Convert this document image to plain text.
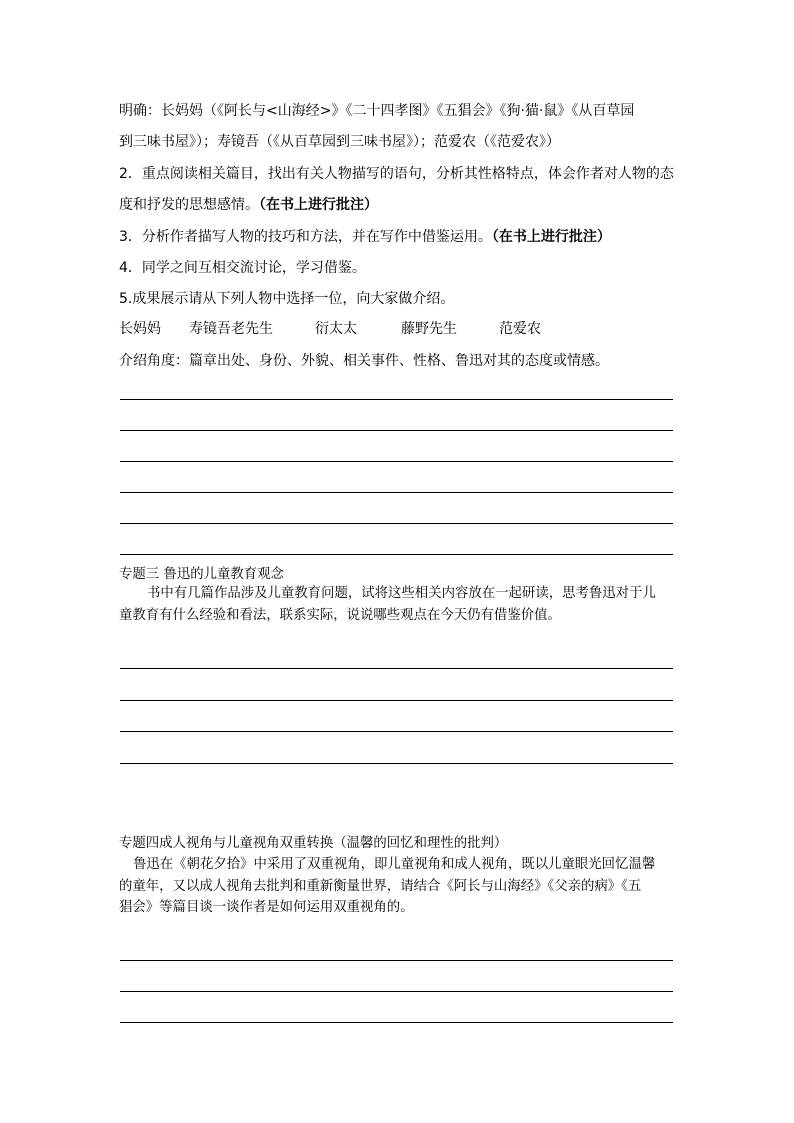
明确：长妈妈（《阿长与<山海经>》《二十四孝图》《五猖会》《狗·猫·鼠》《从百草园
到三味书屋》）；寿镜吾（《从百草园到三味书屋》）；范爱农（《范爱农》）
2．重点阅读相关篇目，找出有关人物描写的语句，分析其性格特点，体会作者对人物的态
度和抒发的思想感情。（在书上进行批注）
3．分析作者描写人物的技巧和方法，并在写作中借鉴运用。（在书上进行批注）
4．同学之间互相交流讨论，学习借鉴。
5.成果展示请从下列人物中选择一位，向大家做介绍。
长妈妈 寿镜吾老先生	衍太太	藤野先生	范爱农
介绍角度：篇章出处、身份、外貌、相关事件、性格、鲁迅对其的态度或情感。
专题三 鲁迅的儿童教育观念
书中有几篇作品涉及儿童教育问题，试将这些相关内容放在一起研读，思考鲁迅对于儿
童教育有什么经验和看法，联系实际，说说哪些观点在今天仍有借鉴价值。
专题四成人视角与儿童视角双重转换（温馨的回忆和理性的批判）
鲁迅在《朝花夕拾》中采用了双重视角，即儿童视角和成人视角，既以儿童眼光回忆温馨
的童年，又以成人视角去批判和重新衡量世界，请结合《阿长与山海经》《父亲的病》《五
猖会》等篇目谈一谈作者是如何运用双重视角的。
